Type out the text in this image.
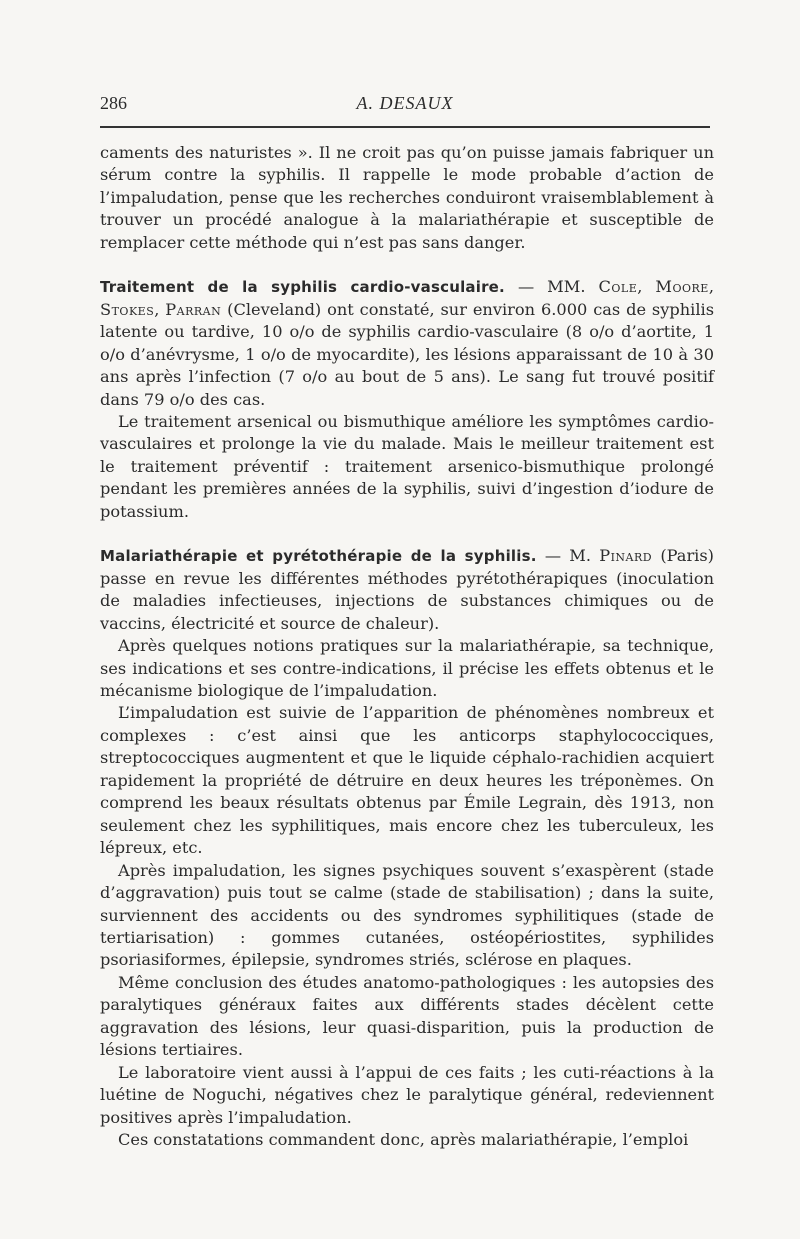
286	A. DESAUX

caments des naturistes ». Il ne croit pas qu’on puisse jamais fabriquer un sérum contre la syphilis. Il rappelle le mode probable d’action de l’impaludation, pense que les recherches conduiront vraisemblablement à trouver un procédé analogue à la malariathérapie et susceptible de remplacer cette méthode qui n’est pas sans danger.

Traitement de la syphilis cardio-vasculaire. — MM. Cole, Moore, Stokes, Parran (Cleveland) ont constaté, sur environ 6.000 cas de syphilis latente ou tardive, 10 o/o de syphilis cardio-vasculaire (8 o/o d’aortite, 1 o/o d’anévrysme, 1 o/o de myocardite), les lésions apparaissant de 10 à 30 ans après l’infection (7 o/o au bout de 5 ans). Le sang fut trouvé positif dans 79 o/o des cas.

Le traitement arsenical ou bismuthique améliore les symptômes cardio-vasculaires et prolonge la vie du malade. Mais le meilleur traitement est le traitement préventif : traitement arsenico-bismuthique prolongé pendant les premières années de la syphilis, suivi d’ingestion d’iodure de potassium.

Malariathérapie et pyrétothérapie de la syphilis. — M. Pinard (Paris) passe en revue les différentes méthodes pyrétothérapiques (inoculation de maladies infectieuses, injections de substances chimiques ou de vaccins, électricité et source de chaleur).

Après quelques notions pratiques sur la malariathérapie, sa technique, ses indications et ses contre-indications, il précise les effets obtenus et le mécanisme biologique de l’impaludation.

L’impaludation est suivie de l’apparition de phénomènes nombreux et complexes : c’est ainsi que les anticorps staphylococciques, streptococciques augmentent et que le liquide céphalo-rachidien acquiert rapidement la propriété de détruire en deux heures les tréponèmes. On comprend les beaux résultats obtenus par Émile Legrain, dès 1913, non seulement chez les syphilitiques, mais encore chez les tuberculeux, les lépreux, etc.

Après impaludation, les signes psychiques souvent s’exaspèrent (stade d’aggravation) puis tout se calme (stade de stabilisation) ; dans la suite, surviennent des accidents ou des syndromes syphilitiques (stade de tertiarisation) : gommes cutanées, ostéopériostites, syphilides psoriasiformes, épilepsie, syndromes striés, sclérose en plaques.

Même conclusion des études anatomo-pathologiques : les autopsies des paralytiques généraux faites aux différents stades décèlent cette aggravation des lésions, leur quasi-disparition, puis la production de lésions tertiaires.

Le laboratoire vient aussi à l’appui de ces faits ; les cuti-réactions à la luétine de Noguchi, négatives chez le paralytique général, redeviennent positives après l’impaludation.

Ces constatations commandent donc, après malariathérapie, l’emploi
